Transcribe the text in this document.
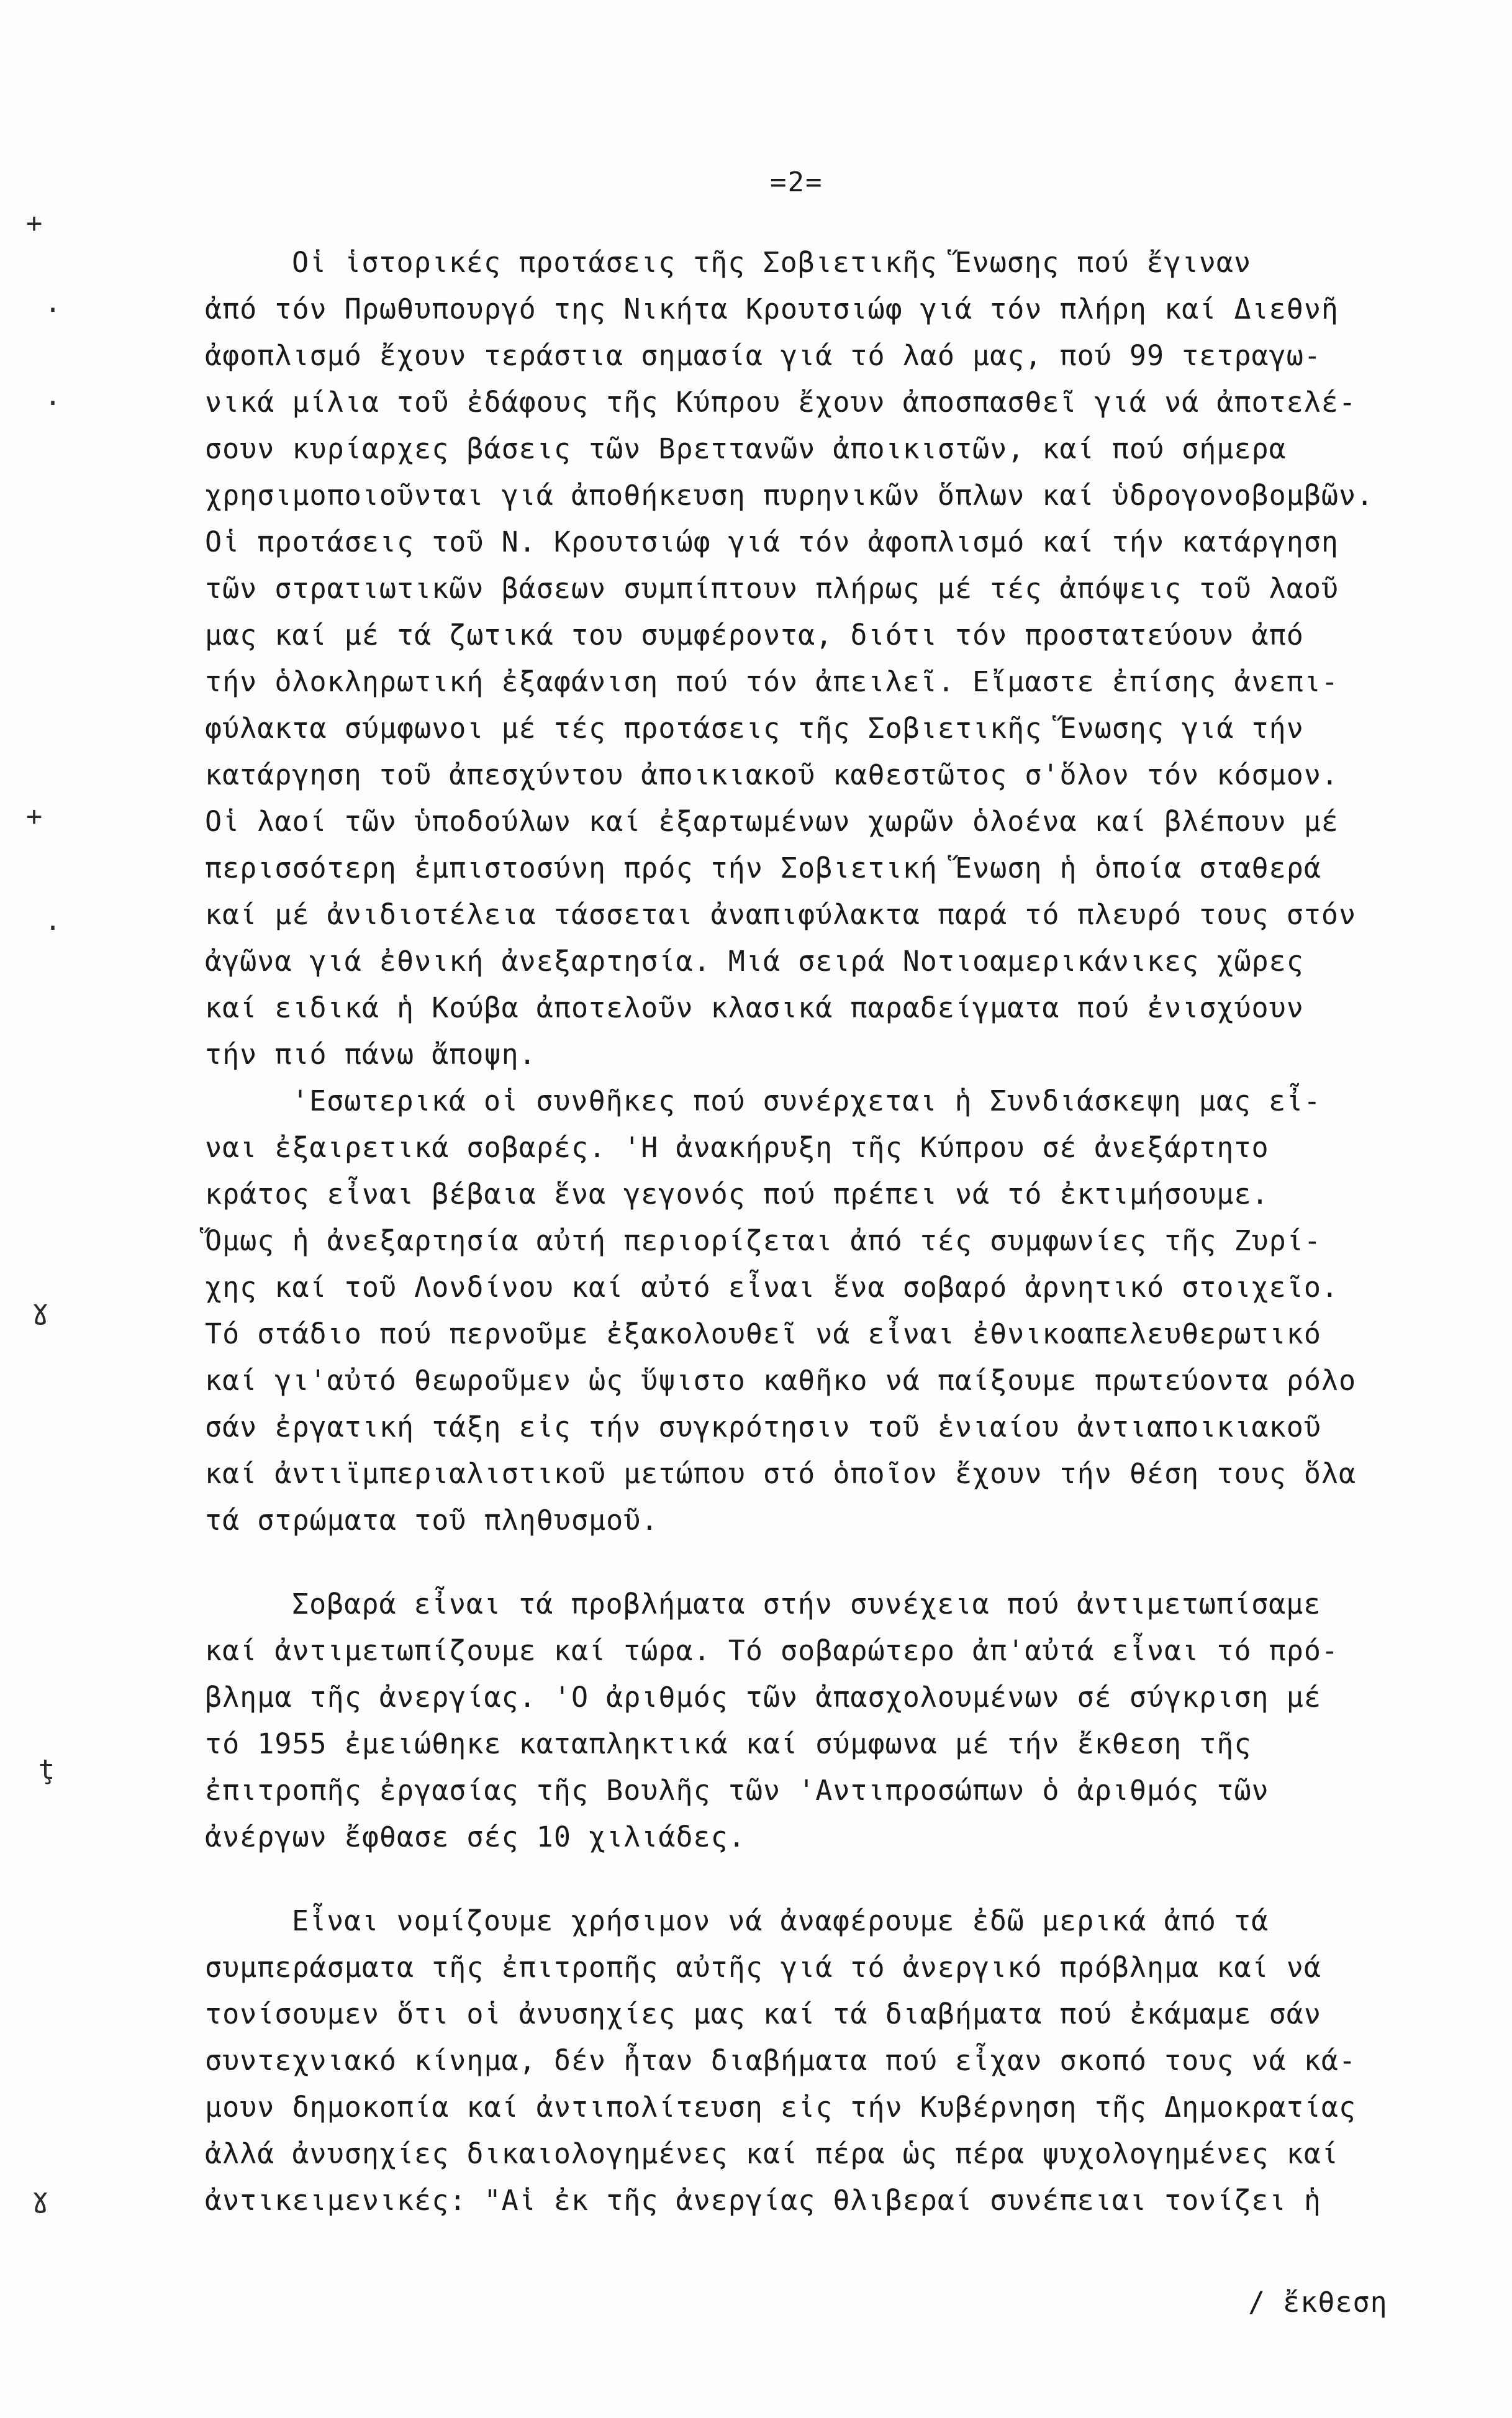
+
·
·
+
·
ɣ
ţ
ɣ
=2=
Οἱ ἱστορικές προτάσεις τῆς Σοβιετικῆς Ἕνωσης πού ἔγιναν
ἀπό τόν Πρωθυπουργό της Νικήτα Κρουτσιώφ γιά τόν πλήρη καί Διεθνῆ
ἀφοπλισμό ἔχουν τεράστια σημασία γιά τό λαό μας, πού 99 τετραγω-
νικά μίλια τοῦ ἐδάφους τῆς Κύπρου ἔχουν ἀποσπασθεῖ γιά νά ἀποτελέ-
σουν κυρίαρχες βάσεις τῶν Βρεττανῶν ἀποικιστῶν, καί πού σήμερα
χρησιμοποιοῦνται γιά ἀποθήκευση πυρηνικῶν ὅπλων καί ὑδρογονοβομβῶν.
Οἱ προτάσεις τοῦ Ν. Κρουτσιώφ γιά τόν ἀφοπλισμό καί τήν κατάργηση
τῶν στρατιωτικῶν βάσεων συμπίπτουν πλήρως μέ τές ἀπόψεις τοῦ λαοῦ
μας καί μέ τά ζωτικά του συμφέροντα, διότι τόν προστατεύουν ἀπό
τήν ὁλοκληρωτική ἐξαφάνιση πού τόν ἀπειλεῖ. Εἴμαστε ἐπίσης ἀνεπι-
φύλακτα σύμφωνοι μέ τές προτάσεις τῆς Σοβιετικῆς Ἕνωσης γιά τήν
κατάργηση τοῦ ἀπεσχύντου ἀποικιακοῦ καθεστῶτος σ'ὅλον τόν κόσμον.
Οἱ λαοί τῶν ὑποδούλων καί ἐξαρτωμένων χωρῶν ὁλοένα καί βλέπουν μέ
περισσότερη ἐμπιστοσύνη πρός τήν Σοβιετική Ἕνωση ἡ ὁποία σταθερά
καί μέ ἀνιδιοτέλεια τάσσεται ἀναπιφύλακτα παρά τό πλευρό τους στόν
ἀγῶνα γιά ἐθνική ἀνεξαρτησία. Μιά σειρά Νοτιοαμερικάνικες χῶρες
καί ειδικά ἡ Κούβα ἀποτελοῦν κλασικά παραδείγματα πού ἐνισχύουν
τήν πιό πάνω ἄποψη.
'Εσωτερικά οἱ συνθῆκες πού συνέρχεται ἡ Συνδιάσκεψη μας εἶ-
ναι ἐξαιρετικά σοβαρές. 'Η ἀνακήρυξη τῆς Κύπρου σέ ἀνεξάρτητο
κράτος εἶναι βέβαια ἕνα γεγονός πού πρέπει νά τό ἐκτιμήσουμε.
Ὅμως ἡ ἀνεξαρτησία αὐτή περιορίζεται ἀπό τές συμφωνίες τῆς Ζυρί-
χης καί τοῦ Λονδίνου καί αὐτό εἶναι ἕνα σοβαρό ἀρνητικό στοιχεῖο.
Τό στάδιο πού περνοῦμε ἐξακολουθεῖ νά εἶναι ἐθνικοαπελευθερωτικό
καί γι'αὐτό θεωροῦμεν ὡς ὕψιστο καθῆκο νά παίξουμε πρωτεύοντα ρόλο
σάν ἐργατική τάξη εἰς τήν συγκρότησιν τοῦ ἑνιαίου ἀντιαποικιακοῦ
καί ἀντιϊμπεριαλιστικοῦ μετώπου στό ὁποῖον ἔχουν τήν θέση τους ὅλα
τά στρώματα τοῦ πληθυσμοῦ.
Σοβαρά εἶναι τά προβλήματα στήν συνέχεια πού ἀντιμετωπίσαμε
καί ἀντιμετωπίζουμε καί τώρα. Τό σοβαρώτερο ἀπ'αὐτά εἶναι τό πρό-
βλημα τῆς ἀνεργίας. 'Ο ἀριθμός τῶν ἀπασχολουμένων σέ σύγκριση μέ
τό 1955 ἐμειώθηκε καταπληκτικά καί σύμφωνα μέ τήν ἔκθεση τῆς
ἐπιτροπῆς ἐργασίας τῆς Βουλῆς τῶν 'Αντιπροσώπων ὁ ἀριθμός τῶν
ἀνέργων ἔφθασε σές 10 χιλιάδες.
Εἶναι νομίζουμε χρήσιμον νά ἀναφέρουμε ἐδῶ μερικά ἀπό τά
συμπεράσματα τῆς ἐπιτροπῆς αὐτῆς γιά τό ἀνεργικό πρόβλημα καί νά
τονίσουμεν ὅτι οἱ ἀνυσηχίες μας καί τά διαβήματα πού ἐκάμαμε σάν
συντεχνιακό κίνημα, δέν ἦταν διαβήματα πού εἶχαν σκοπό τους νά κά-
μουν δημοκοπία καί ἀντιπολίτευση εἰς τήν Κυβέρνηση τῆς Δημοκρατίας
ἀλλά ἀνυσηχίες δικαιολογημένες καί πέρα ὡς πέρα ψυχολογημένες καί
ἀντικειμενικές: "Αἱ ἐκ τῆς ἀνεργίας θλιβεραί συνέπειαι τονίζει ἡ
/ ἔκθεση
